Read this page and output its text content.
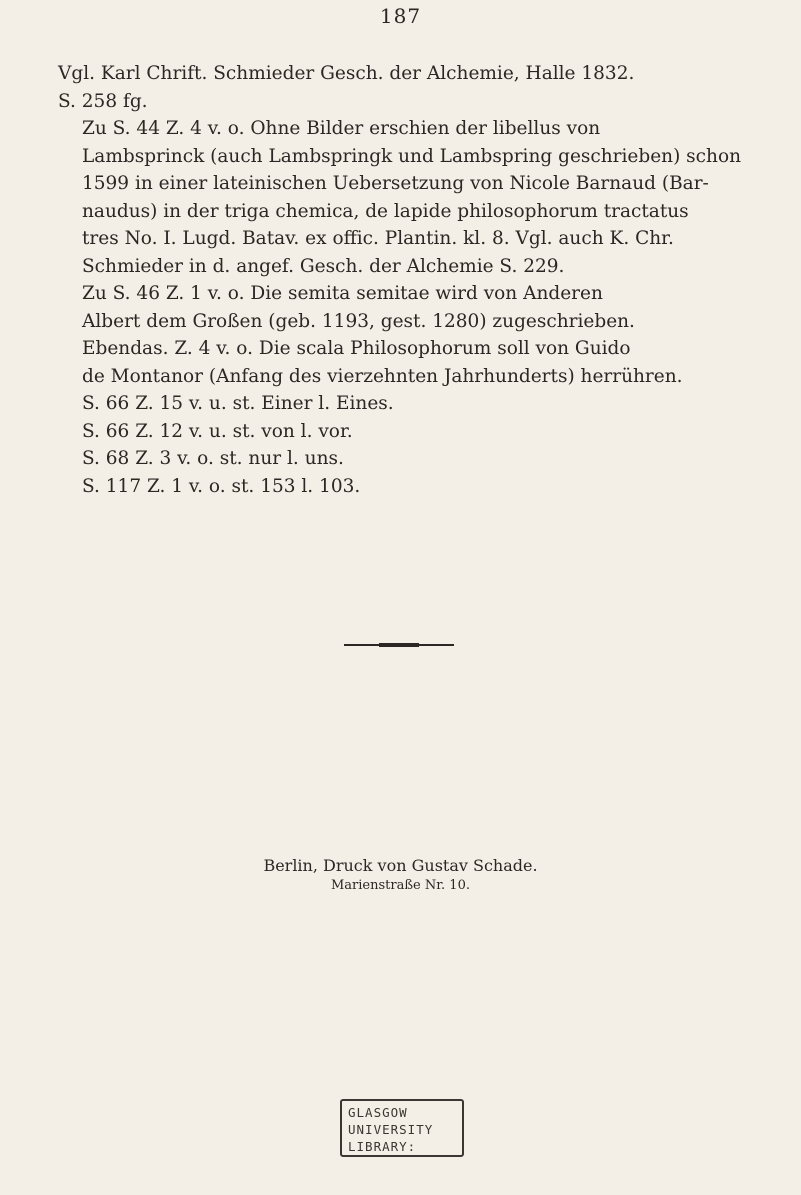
187

Vgl. Karl Chrift. Schmieder Gesch. der Alchemie, Halle 1832.
S. 258 fg.

Zu S. 44 Z. 4 v. o. Ohne Bilder erschien der libellus von
Lambsprinck (auch Lambspringk und Lambspring geschrieben) schon
1599 in einer lateinischen Uebersetzung von Nicole Barnaud (Bar-
naudus) in der triga chemica, de lapide philosophorum tractatus
tres No. I. Lugd. Batav. ex offic. Plantin. kl. 8. Vgl. auch K. Chr.
Schmieder in d. angef. Gesch. der Alchemie S. 229.

Zu S. 46 Z. 1 v. o. Die semita semitae wird von Anderen
Albert dem Großen (geb. 1193, gest. 1280) zugeschrieben.
Ebendas. Z. 4 v. o. Die scala Philosophorum soll von Guido
de Montanor (Anfang des vierzehnten Jahrhunderts) herrühren.

S. 66 Z. 15 v. u. st. Einer l. Eines.

S. 66 Z. 12 v. u. st. von l. vor.

S. 68 Z. 3 v. o. st. nur l. uns.

S. 117 Z. 1 v. o. st. 153 l. 103.

Berlin, Druck von Gustav Schade.
Marienstraße Nr. 10.
GLASGOW
UNIVERSITY
LIBRARY:
